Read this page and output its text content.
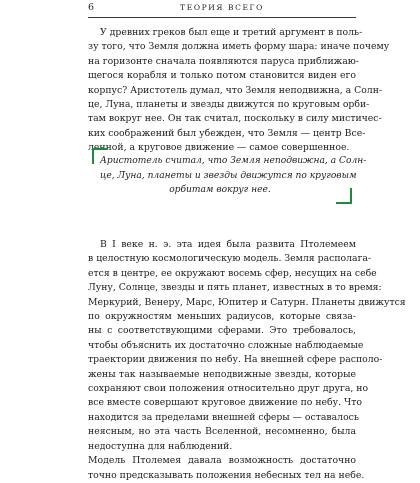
6	ТЕОРИЯ ВСЕГО
У древних греков был еще и третий аргумент в поль-
зу того, что Земля должна иметь форму шара: иначе почему
на горизонте сначала появляются паруса приближаю-
щегося корабля и только потом становится виден его
корпус? Аристотель думал, что Земля неподвижна, а Солн-
це, Луна, планеты и звезды движутся по круговым орби-
там вокруг нее. Он так считал, поскольку в силу мистичес-
ких соображений был убежден, что Земля — центр Все-
ленной, а круговое движение — самое совершенное.
Аристотель считал, что Земля неподвижна, а Солн-
це, Луна, планеты и звезды движутся по круговым
орбитам вокруг нее.
В I веке н. э. эта идея была развита Птолемеем
в целостную космологическую модель. Земля располага-
ется в центре, ее окружают восемь сфер, несущих на себе
Луну, Солнце, звезды и пять планет, известных в то время:
Меркурий, Венеру, Марс, Юпитер и Сатурн. Планеты движутся
по окружностям меньших радиусов, которые связа-
ны с соответствующими сферами. Это требовалось,
чтобы объяснить их достаточно сложные наблюдаемые
траектории движения по небу. На внешней сфере располо-
жены так называемые неподвижные звезды, которые
сохраняют свои положения относительно друг друга, но
все вместе совершают круговое движение по небу. Что
находится за пределами внешней сферы — оставалось
неясным, но эта часть Вселенной, несомненно, была
недоступна для наблюдений.
Модель Птолемея давала возможность достаточно
точно предсказывать положения небесных тел на небе.
